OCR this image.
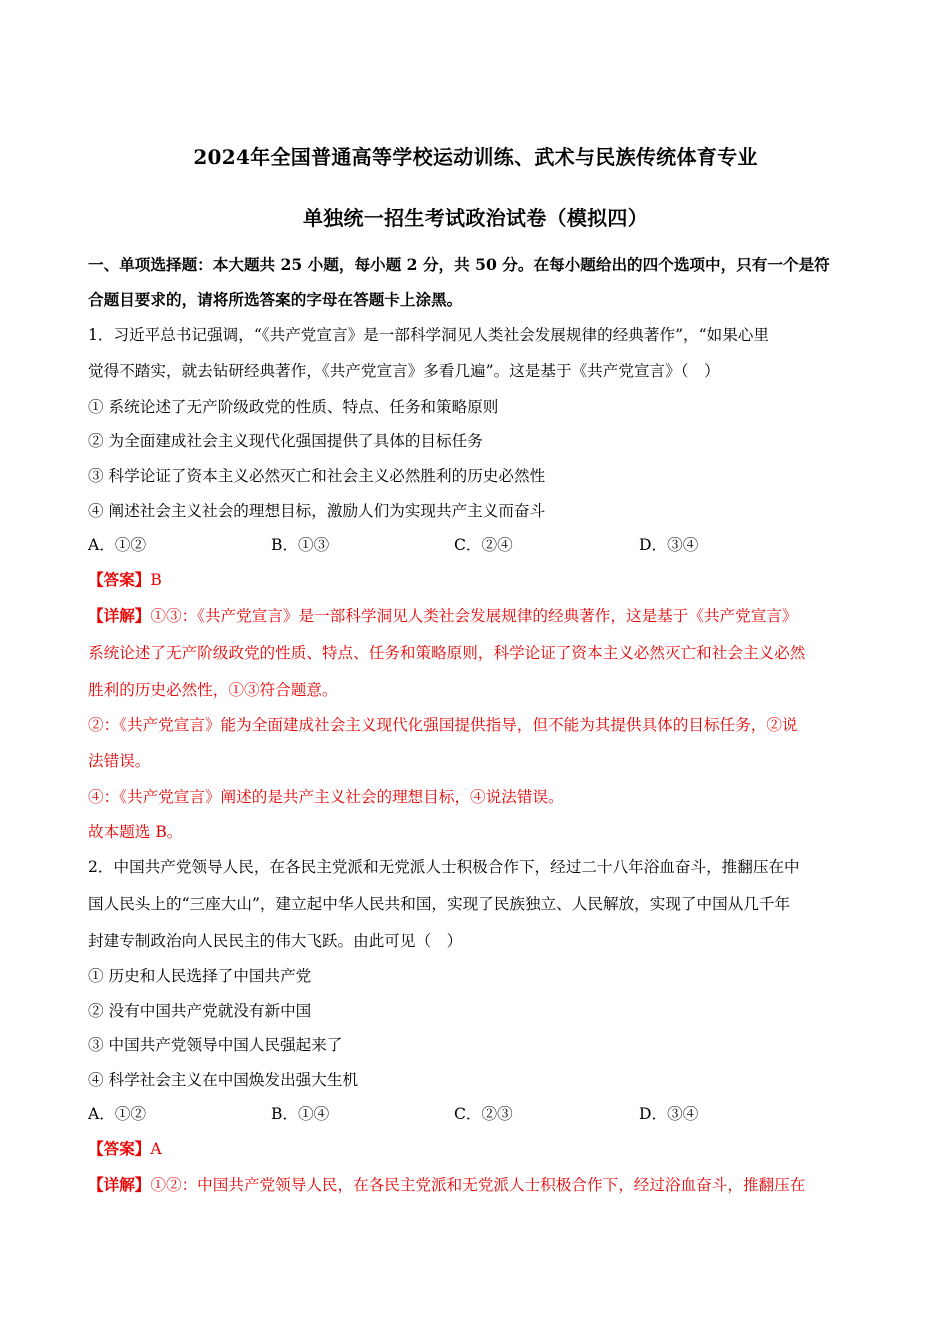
2024年全国普通高等学校运动训练、武术与民族传统体育专业
单独统一招生考试政治试卷（模拟四）
一、单项选择题：本大题共 25 小题，每小题 2 分，共 50 分。在每小题给出的四个选项中，只有一个是符
合题目要求的，请将所选答案的字母在答题卡上涂黑。
1．习近平总书记强调，“《共产党宣言》是一部科学洞见人类社会发展规律的经典著作”，“如果心里
觉得不踏实，就去钻研经典著作，《共产党宣言》多看几遍”。这是基于《共产党宣言》（　）
① 系统论述了无产阶级政党的性质、特点、任务和策略原则
② 为全面建成社会主义现代化强国提供了具体的目标任务
③ 科学论证了资本主义必然灭亡和社会主义必然胜利的历史必然性
④ 阐述社会主义社会的理想目标，激励人们为实现共产主义而奋斗
A．①②	B．①③	C．②④	D．③④
【答案】B
【详解】①③：《共产党宣言》是一部科学洞见人类社会发展规律的经典著作，这是基于《共产党宣言》
系统论述了无产阶级政党的性质、特点、任务和策略原则，科学论证了资本主义必然灭亡和社会主义必然
胜利的历史必然性，①③符合题意。
②：《共产党宣言》能为全面建成社会主义现代化强国提供指导，但不能为其提供具体的目标任务，②说
法错误。
④：《共产党宣言》阐述的是共产主义社会的理想目标，④说法错误。
故本题选 B。
2．中国共产党领导人民，在各民主党派和无党派人士积极合作下，经过二十八年浴血奋斗，推翻压在中
国人民头上的“三座大山”，建立起中华人民共和国，实现了民族独立、人民解放，实现了中国从几千年
封建专制政治向人民民主的伟大飞跃。由此可见（　）
① 历史和人民选择了中国共产党
② 没有中国共产党就没有新中国
③ 中国共产党领导中国人民强起来了
④ 科学社会主义在中国焕发出强大生机
A．①②	B．①④	C．②③	D．③④
【答案】A
【详解】①②：中国共产党领导人民，在各民主党派和无党派人士积极合作下，经过浴血奋斗，推翻压在
